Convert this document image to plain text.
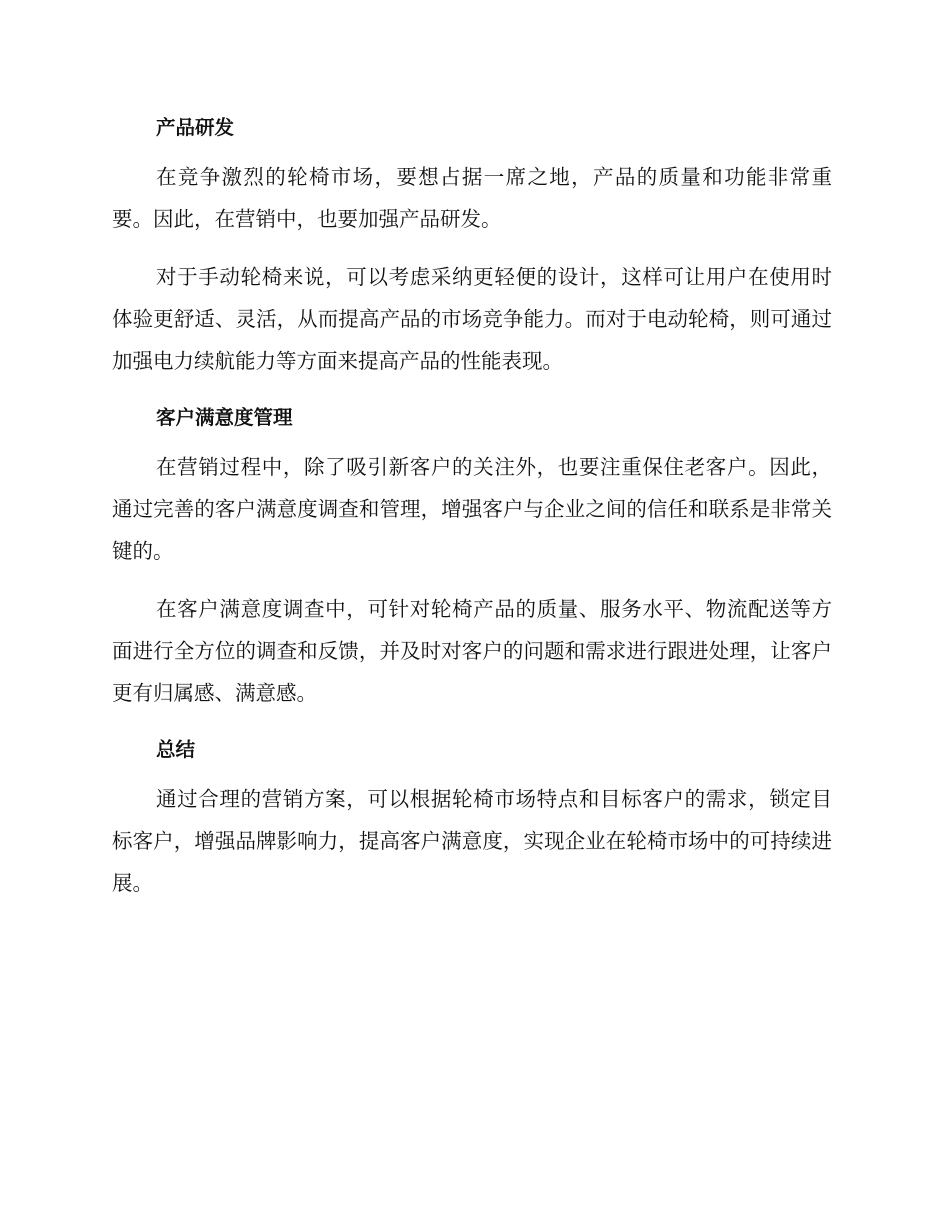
产品研发

在竞争激烈的轮椅市场，要想占据一席之地，产品的质量和功能非常重要。因此，在营销中，也要加强产品研发。

对于手动轮椅来说，可以考虑采纳更轻便的设计，这样可让用户在使用时体验更舒适、灵活，从而提高产品的市场竞争能力。而对于电动轮椅，则可通过加强电力续航能力等方面来提高产品的性能表现。

客户满意度管理

在营销过程中，除了吸引新客户的关注外，也要注重保住老客户。因此，通过完善的客户满意度调查和管理，增强客户与企业之间的信任和联系是非常关键的。

在客户满意度调查中，可针对轮椅产品的质量、服务水平、物流配送等方面进行全方位的调查和反馈，并及时对客户的问题和需求进行跟进处理，让客户更有归属感、满意感。

总结

通过合理的营销方案，可以根据轮椅市场特点和目标客户的需求，锁定目标客户，增强品牌影响力，提高客户满意度，实现企业在轮椅市场中的可持续进展。
